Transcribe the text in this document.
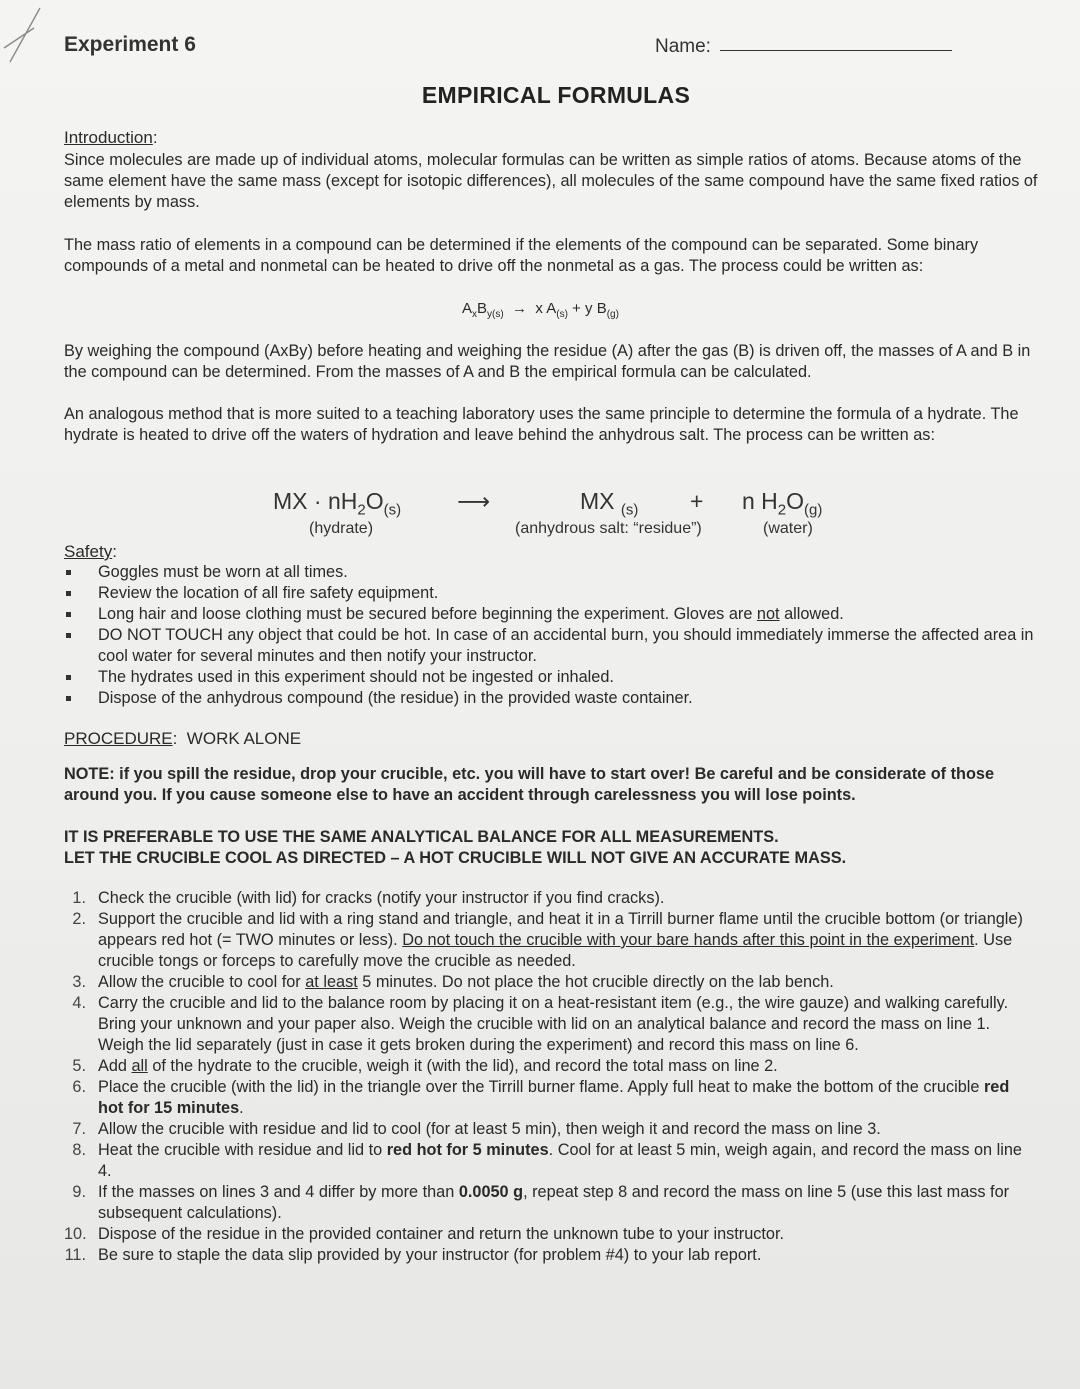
Experiment 6	Name:
EMPIRICAL FORMULAS
Introduction:
Since molecules are made up of individual atoms, molecular formulas can be written as simple ratios of atoms. Because atoms of the same element have the same mass (except for isotopic differences), all molecules of the same compound have the same fixed ratios of elements by mass.
The mass ratio of elements in a compound can be determined if the elements of the compound can be separated. Some binary compounds of a metal and nonmetal can be heated to drive off the nonmetal as a gas. The process could be written as:
$A_xB_{y(s)} \to x$ $A_{(s)} + y$ $B_{(g)}$
By weighing the compound (AxBy) before heating and weighing the residue (A) after the gas (B) is driven off, the masses of A and B in the compound can be determined. From the masses of A and B the empirical formula can be calculated.
An analogous method that is more suited to a teaching laboratory uses the same principle to determine the formula of a hydrate. The hydrate is heated to drive off the waters of hydration and leave behind the anhydrous salt. The process can be written as:
MX · $nH_2O_{(s)}$ ⟶	MX $_{(s)}$ + n $H_2O_{(g)}$
(hydrate)	(anhydrous salt: “residue”)	(water)
Safety:
Goggles must be worn at all times.
Review the location of all fire safety equipment.
Long hair and loose clothing must be secured before beginning the experiment. Gloves are not allowed.
DO NOT TOUCH any object that could be hot. In case of an accidental burn, you should immediately immerse the affected area in cool water for several minutes and then notify your instructor.
The hydrates used in this experiment should not be ingested or inhaled.
Dispose of the anhydrous compound (the residue) in the provided waste container.
PROCEDURE:  WORK ALONE
NOTE: if you spill the residue, drop your crucible, etc. you will have to start over! Be careful and be considerate of those around you. If you cause someone else to have an accident through carelessness you will lose points.
IT IS PREFERABLE TO USE THE SAME ANALYTICAL BALANCE FOR ALL MEASUREMENTS.
LET THE CRUCIBLE COOL AS DIRECTED – A HOT CRUCIBLE WILL NOT GIVE AN ACCURATE MASS.
1. Check the crucible (with lid) for cracks (notify your instructor if you find cracks).
2. Support the crucible and lid with a ring stand and triangle, and heat it in a Tirrill burner flame until the crucible bottom (or triangle) appears red hot (= TWO minutes or less). Do not touch the crucible with your bare hands after this point in the experiment. Use crucible tongs or forceps to carefully move the crucible as needed.
3. Allow the crucible to cool for at least 5 minutes. Do not place the hot crucible directly on the lab bench.
4. Carry the crucible and lid to the balance room by placing it on a heat-resistant item (e.g., the wire gauze) and walking carefully. Bring your unknown and your paper also. Weigh the crucible with lid on an analytical balance and record the mass on line 1. Weigh the lid separately (just in case it gets broken during the experiment) and record this mass on line 6.
5. Add all of the hydrate to the crucible, weigh it (with the lid), and record the total mass on line 2.
6. Place the crucible (with the lid) in the triangle over the Tirrill burner flame. Apply full heat to make the bottom of the crucible red hot for 15 minutes.
7. Allow the crucible with residue and lid to cool (for at least 5 min), then weigh it and record the mass on line 3.
8. Heat the crucible with residue and lid to red hot for 5 minutes. Cool for at least 5 min, weigh again, and record the mass on line 4.
9. If the masses on lines 3 and 4 differ by more than 0.0050 g, repeat step 8 and record the mass on line 5 (use this last mass for subsequent calculations).
10. Dispose of the residue in the provided container and return the unknown tube to your instructor.
11. Be sure to staple the data slip provided by your instructor (for problem #4) to your lab report.
